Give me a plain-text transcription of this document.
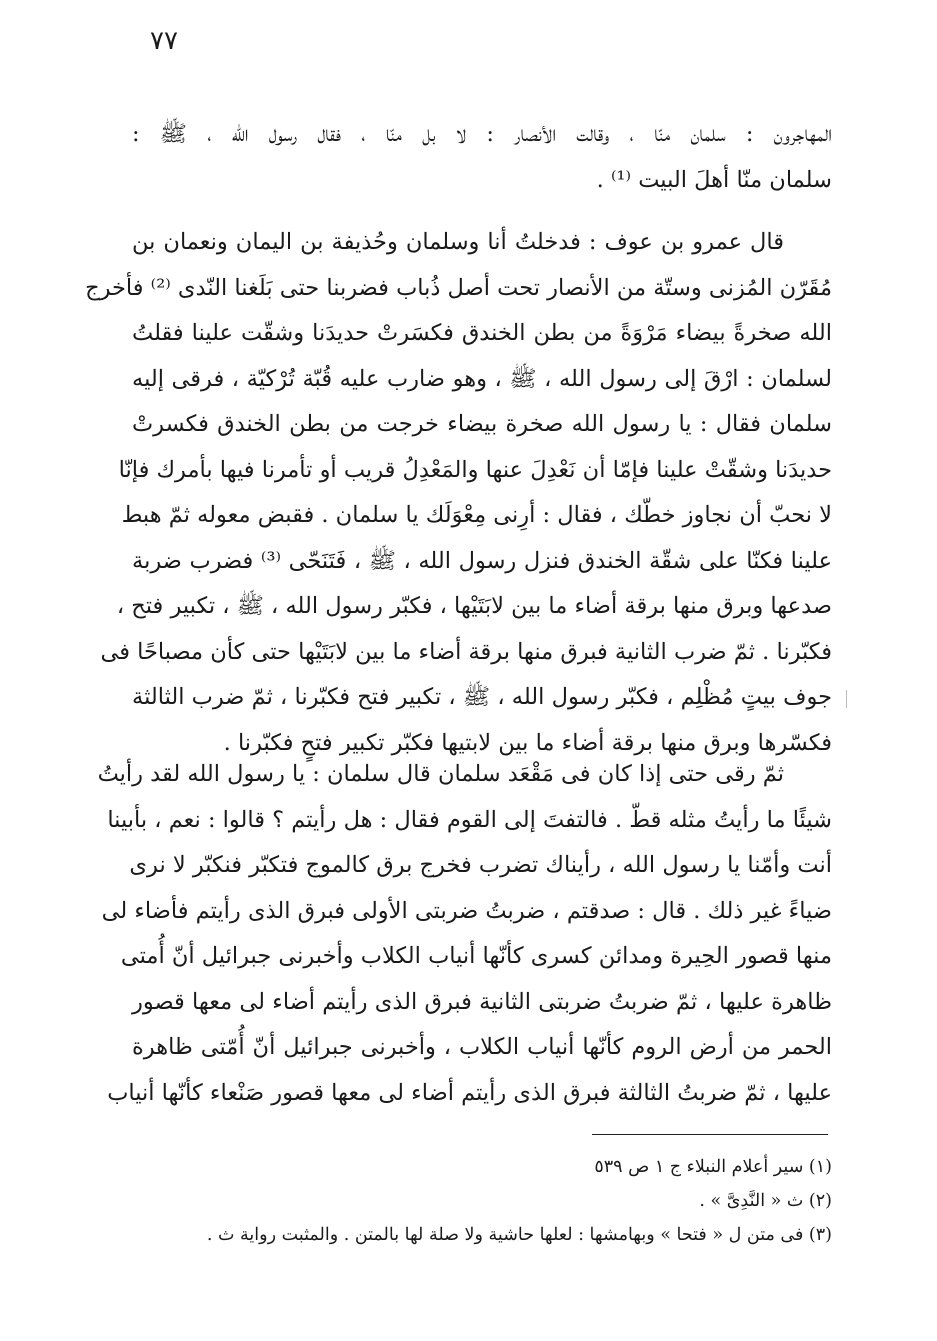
٧٧
المهاجرون : سلمان منّا ، وقالت الأنصار : لا بل منّا ، فقال رسول الله ، ﷺ :
سلمان منّا أهلَ البيت ⁽¹⁾ .
قال عمرو بن عوف : فدخلتُ أنا وسلمان وحُذيفة بن اليمان ونعمان بن
مُقَرّن المُزنى وستّة من الأنصار تحت أصل ذُباب فضربنا حتى بَلَغنا النّدى ⁽²⁾ فأخرج
الله صخرةً بيضاء مَرْوَةً من بطن الخندق فكسَرتْ حديدَنا وشقّت علينا فقلتُ
لسلمان : ارْقَ إلى رسول الله ، ﷺ ، وهو ضارب عليه قُبّة تُرْكيّة ، فرقى إليه
سلمان فقال : يا رسول الله صخرة بيضاء خرجت من بطن الخندق فكسرتْ
حديدَنا وشقّتْ علينا فإمّا أن نَعْدِلَ عنها والمَعْدِلُ قريب أو تأمرنا فيها بأمرك فإنّا
لا نحبّ أن نجاوز خطّك ، فقال : أرِنى مِعْوَلَك يا سلمان . فقبض معوله ثمّ هبط
علينا فكنّا على شقّة الخندق فنزل رسول الله ، ﷺ ، فَتَنَحّى ⁽³⁾ فضرب ضربة
صدعها وبرق منها برقة أضاء ما بين لابَتَيْها ، فكبّر رسول الله ، ﷺ ، تكبير فتح ،
فكبّرنا . ثمّ ضرب الثانية فبرق منها برقة أضاء ما بين لابَتَيْها حتى كأن مصباحًا فى
جوف بيتٍ مُظْلِم ، فكبّر رسول الله ، ﷺ ، تكبير فتح فكبّرنا ، ثمّ ضرب الثالثة
فكسّرها وبرق منها برقة أضاء ما بين لابتيها فكبّر تكبير فتحٍ فكبّرنا .
ثمّ رقى حتى إذا كان فى مَقْعَد سلمان قال سلمان : يا رسول الله لقد رأيتُ
شيئًا ما رأيتُ مثله قطّ . فالتفتَ إلى القوم فقال : هل رأيتم ؟ قالوا : نعم ، بأبينا
أنت وأمّنا يا رسول الله ، رأيناك تضرب فخرج برق كالموج فتكبّر فنكبّر لا نرى
ضياءً غير ذلك . قال : صدقتم ، ضربتُ ضربتى الأولى فبرق الذى رأيتم فأضاء لى
منها قصور الحِيرة ومدائن كسرى كأنّها أنياب الكلاب وأخبرنى جبرائيل أنّ أُمتى
ظاهرة عليها ، ثمّ ضربتُ ضربتى الثانية فبرق الذى رأيتم أضاء لى معها قصور
الحمر من أرض الروم كأنّها أنياب الكلاب ، وأخبرنى جبرائيل أنّ أُمّتى ظاهرة
عليها ، ثمّ ضربتُ الثالثة فبرق الذى رأيتم أضاء لى معها قصور صَنْعاء كأنّها أنياب
(١) سير أعلام النبلاء ج ١ ص ٥٣٩
(٢) ث « النَّدِىَّ » .
(٣) فى متن ل « فتحا » وبهامشها : لعلها حاشية ولا صلة لها بالمتن . والمثبت رواية ث .
